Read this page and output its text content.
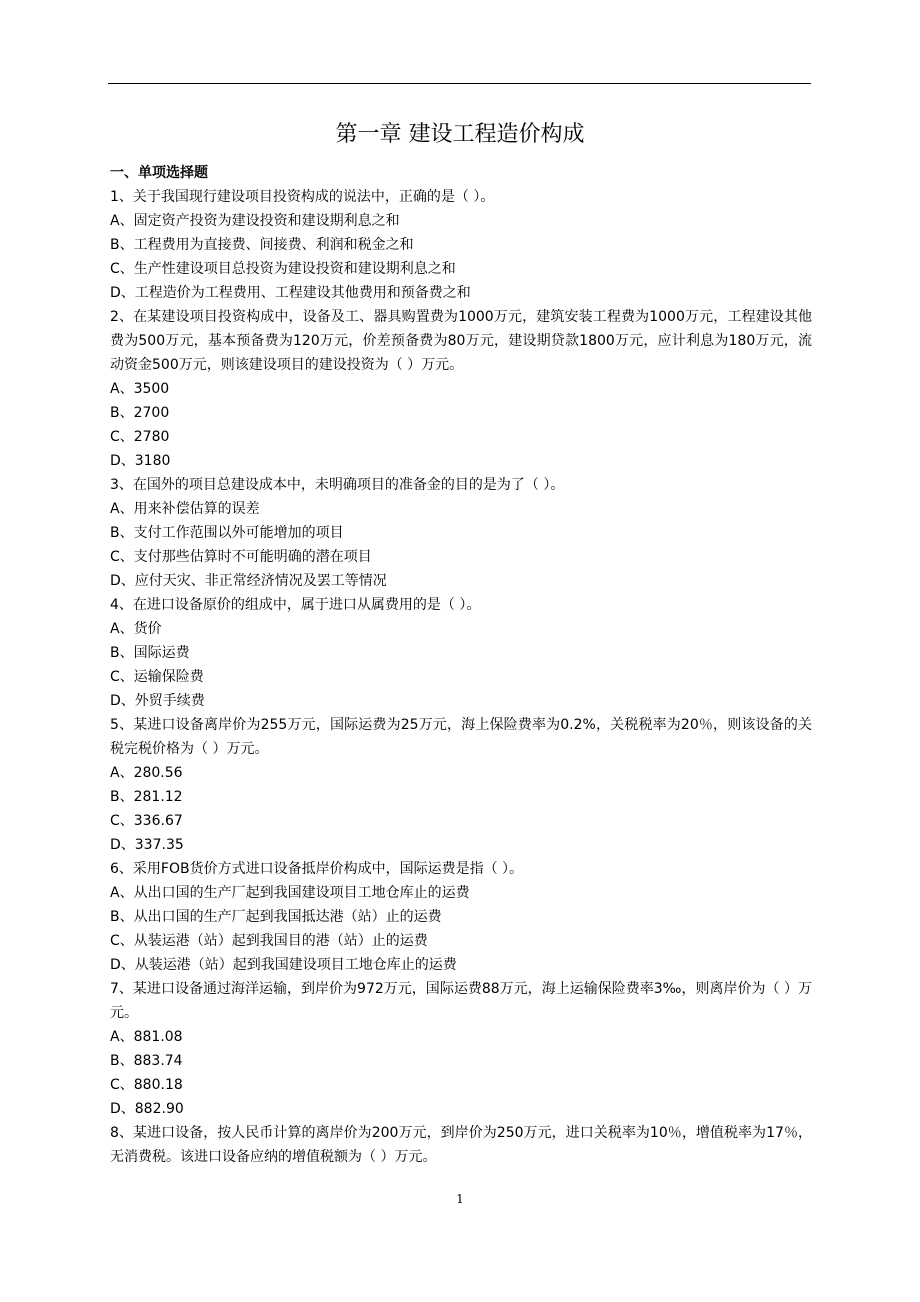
第一章 建设工程造价构成

一、单项选择题

1、关于我国现行建设项目投资构成的说法中，正确的是（ ）。

A、固定资产投资为建设投资和建设期利息之和

B、工程费用为直接费、间接费、利润和税金之和

C、生产性建设项目总投资为建设投资和建设期利息之和

D、工程造价为工程费用、工程建设其他费用和预备费之和

2、在某建设项目投资构成中，设备及工、器具购置费为1000万元，建筑安装工程费为1000万元，工程建设其他费为500万元，基本预备费为120万元，价差预备费为80万元，建设期贷款1800万元，应计利息为180万元，流动资金500万元，则该建设项目的建设投资为（ ）万元。

A、3500

B、2700

C、2780

D、3180

3、在国外的项目总建设成本中，未明确项目的准备金的目的是为了（ ）。

A、用来补偿估算的误差

B、支付工作范围以外可能增加的项目

C、支付那些估算时不可能明确的潜在项目

D、应付天灾、非正常经济情况及罢工等情况

4、在进口设备原价的组成中，属于进口从属费用的是（ ）。

A、货价

B、国际运费

C、运输保险费

D、外贸手续费

5、某进口设备离岸价为255万元，国际运费为25万元，海上保险费率为0.2%，关税税率为20％，则该设备的关税完税价格为（ ）万元。

A、280.56

B、281.12

C、336.67

D、337.35

6、采用FOB货价方式进口设备抵岸价构成中，国际运费是指（ ）。

A、从出口国的生产厂起到我国建设项目工地仓库止的运费

B、从出口国的生产厂起到我国抵达港（站）止的运费

C、从装运港（站）起到我国目的港（站）止的运费

D、从装运港（站）起到我国建设项目工地仓库止的运费

7、某进口设备通过海洋运输，到岸价为972万元，国际运费88万元，海上运输保险费率3‰，则离岸价为（ ）万元。

A、881.08

B、883.74

C、880.18

D、882.90

8、某进口设备，按人民币计算的离岸价为200万元，到岸价为250万元，进口关税率为10％，增值税率为17％，无消费税。该进口设备应纳的增值税额为（ ）万元。

1
